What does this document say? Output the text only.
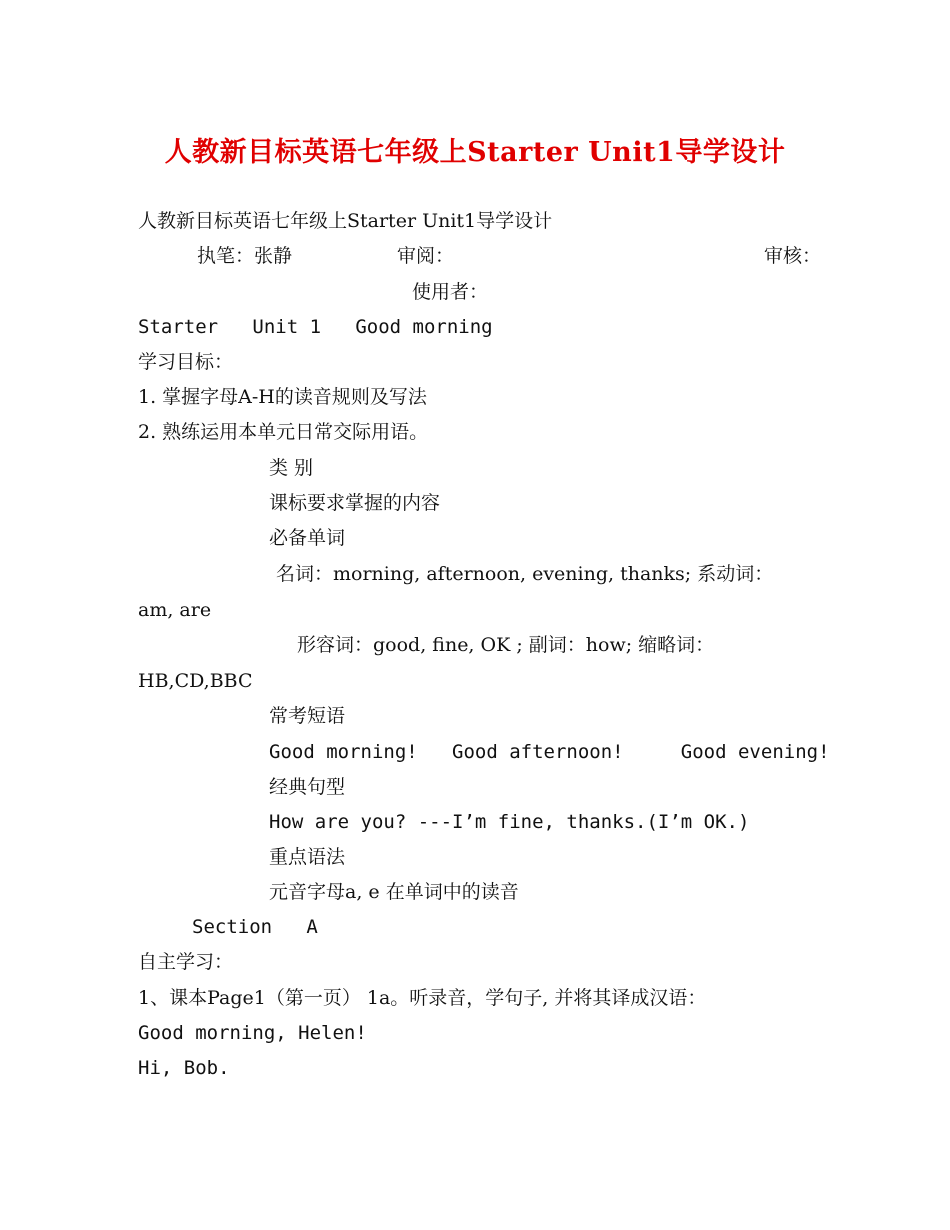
人教新目标英语七年级上Starter Unit1导学设计
人教新目标英语七年级上Starter Unit1导学设计
执笔：张静	审阅：	审核：
使用者：
Starter   Unit 1   Good morning
学习目标：
1. 掌握字母A-H的读音规则及写法
2. 熟练运用本单元日常交际用语。
类 别
课标要求掌握的内容
必备单词
名词：morning, afternoon, evening, thanks; 系动词：
am, are
形容词：good, fine, OK ; 副词：how; 缩略词：
HB,CD,BBC
常考短语
Good morning!   Good afternoon!     Good evening!
经典句型
How are you? ---I’m fine, thanks.(I’m OK.)
重点语法
元音字母a, e 在单词中的读音
Section   A
自主学习：
1、课本Page1（第一页） 1a。听录音，学句子, 并将其译成汉语：
Good morning, Helen!
Hi, Bob.
